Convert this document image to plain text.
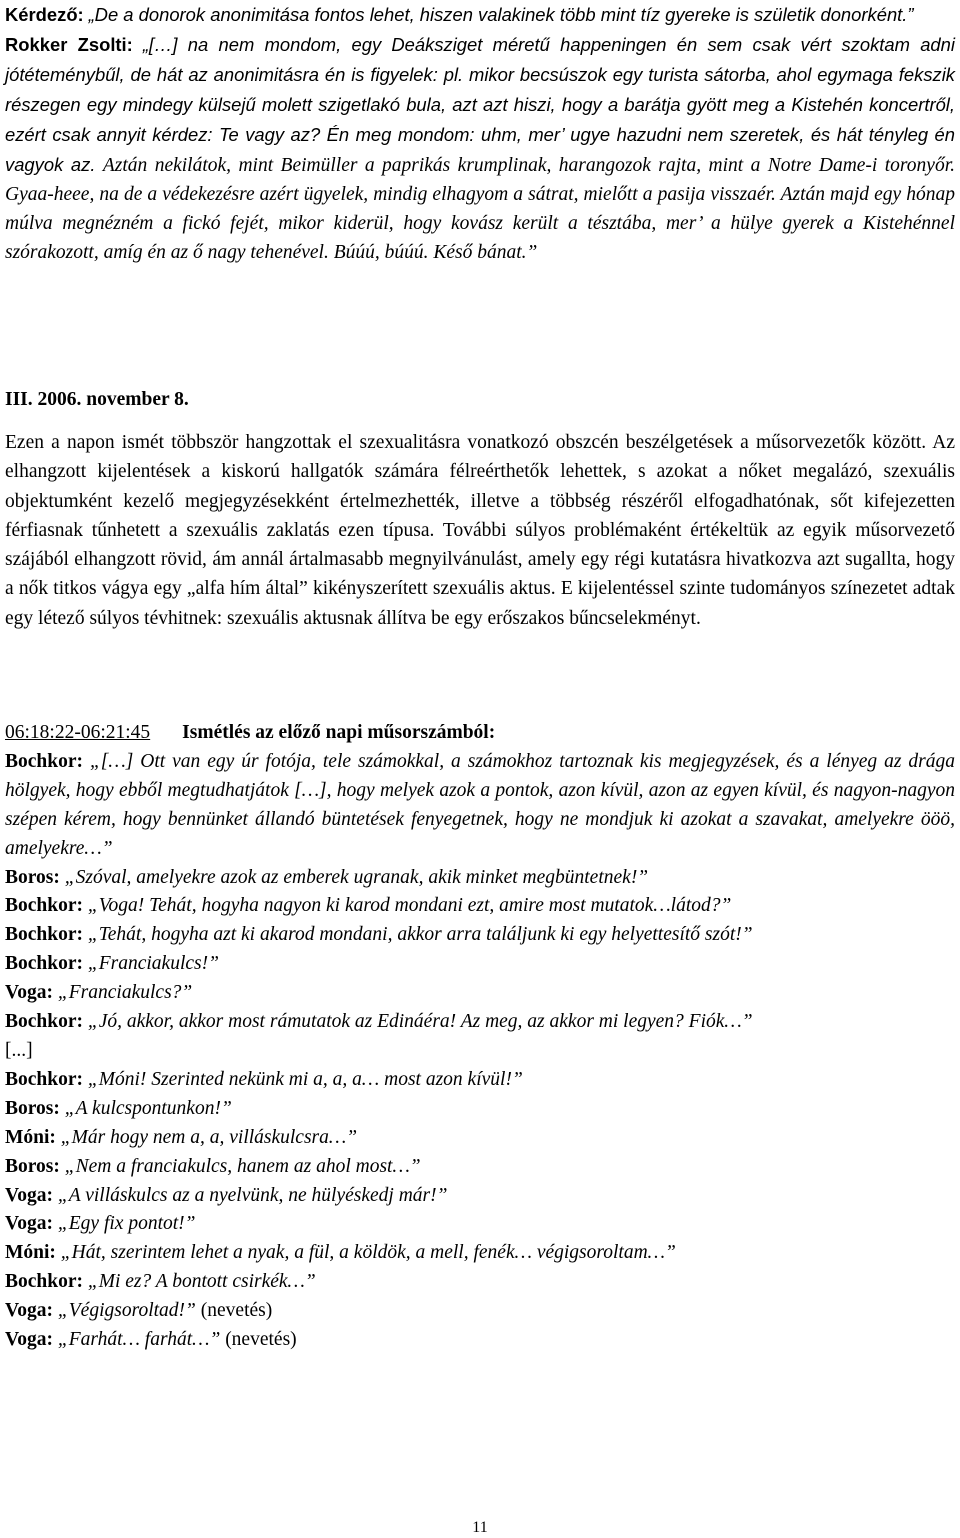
Kérdező: „De a donorok anonimitása fontos lehet, hiszen valakinek több mint tíz gyereke is születik donorként.”
Rokker Zsolti: „[…] na nem mondom, egy Deáksziget méretű happeningen én sem csak vért szoktam adni jótéteménybűl, de hát az anonimitásra én is figyelek: pl. mikor becsúszok egy turista sátorba, ahol egymaga fekszik részegen egy mindegy külsejű molett szigetlakó bula, azt azt hiszi, hogy a barátja gyött meg a Kistehén koncertről, ezért csak annyit kérdez: Te vagy az? Én meg mondom: uhm, mer’ ugye hazudni nem szeretek, és hát tényleg én vagyok az. Aztán nekilátok, mint Beimüller a paprikás krumplinak, harangozok rajta, mint a Notre Dame-i toronyőr. Gyaa-heee, na de a védekezésre azért ügyelek, mindig elhagyom a sátrat, mielőtt a pasija visszaér. Aztán majd egy hónap múlva megnézném a fickó fejét, mikor kiderül, hogy kovász került a tésztába, mer’ a hülye gyerek a Kistehénnel szórakozott, amíg én az ő nagy tehenével. Búúú, búúú. Késő bánat.”
III. 2006. november 8.
Ezen a napon ismét többször hangzottak el szexualitásra vonatkozó obszcén beszélgetések a műsorvezetők között. Az elhangzott kijelentések a kiskorú hallgatók számára félreérthetők lehettek, s azokat a nőket megalázó, szexuális objektumként kezelő megjegyzésekként értelmezhették, illetve a többség részéről elfogadhatónak, sőt kifejezetten férfiasnak tűnhetett a szexuális zaklatás ezen típusa. További súlyos problémaként értékeltük az egyik műsorvezető szájából elhangzott rövid, ám annál ártalmasabb megnyilvánulást, amely egy régi kutatásra hivatkozva azt sugallta, hogy a nők titkos vágya egy „alfa hím által” kikényszerített szexuális aktus. E kijelentéssel szinte tudományos színezetet adtak egy létező súlyos tévhitnek: szexuális aktusnak állítva be egy erőszakos bűncselekményt.
06:18:22-06:21:45 Ismétlés az előző napi műsorszámból:
Bochkor: „[…] Ott van egy úr fotója, tele számokkal, a számokhoz tartoznak kis megjegyzések, és a lényeg az drága hölgyek, hogy ebből megtudhatjátok […], hogy melyek azok a pontok, azon kívül, azon az egyen kívül, és nagyon-nagyon szépen kérem, hogy bennünket állandó büntetések fenyegetnek, hogy ne mondjuk ki azokat a szavakat, amelyekre ööö, amelyekre…”
Boros: „Szóval, amelyekre azok az emberek ugranak, akik minket megbüntetnek!”
Bochkor: „Voga! Tehát, hogyha nagyon ki karod mondani ezt, amire most mutatok…látod?”
Bochkor: „Tehát, hogyha azt ki akarod mondani, akkor arra találjunk ki egy helyettesítő szót!”
Bochkor: „Franciakulcs!”
Voga: „Franciakulcs?”
Bochkor: „Jó, akkor, akkor most rámutatok az Edináéra! Az meg, az akkor mi legyen? Fiók…”
[...]
Bochkor: „Móni! Szerinted nekünk mi a, a, a… most azon kívül!”
Boros: „A kulcspontunkon!”
Móni: „Már hogy nem a, a, villáskulcsra…”
Boros: „Nem a franciakulcs, hanem az ahol most…”
Voga: „A villáskulcs az a nyelvünk, ne hülyéskedj már!”
Voga: „Egy fix pontot!”
Móni: „Hát, szerintem lehet a nyak, a fül, a köldök, a mell, fenék… végigsoroltam…”
Bochkor: „Mi ez? A bontott csirkék…”
Voga: „Végigsoroltad!” (nevetés)
Voga: „Farhát… farhát…” (nevetés)
11
